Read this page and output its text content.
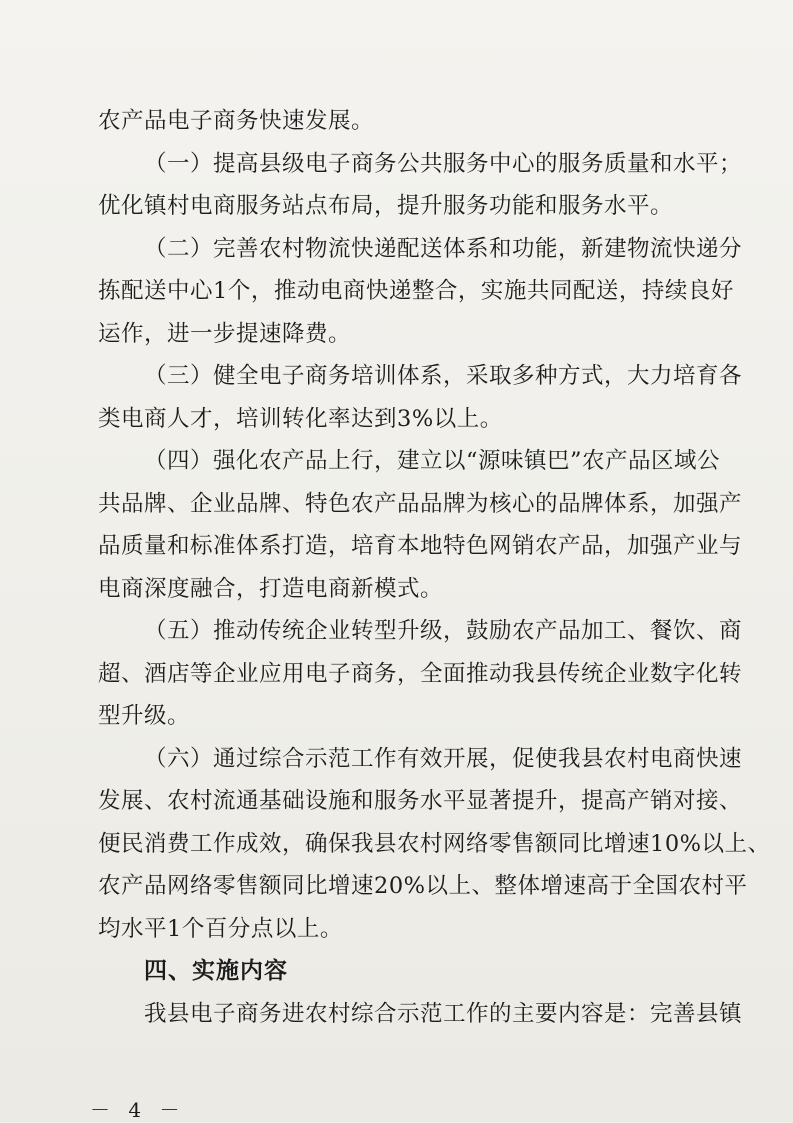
农产品电子商务快速发展。
（一）提高县级电子商务公共服务中心的服务质量和水平；
优化镇村电商服务站点布局，提升服务功能和服务水平。
（二）完善农村物流快递配送体系和功能，新建物流快递分
拣配送中心1个，推动电商快递整合，实施共同配送，持续良好
运作，进一步提速降费。
（三）健全电子商务培训体系，采取多种方式，大力培育各
类电商人才，培训转化率达到3%以上。
（四）强化农产品上行，建立以“源味镇巴”农产品区域公
共品牌、企业品牌、特色农产品品牌为核心的品牌体系，加强产
品质量和标准体系打造，培育本地特色网销农产品，加强产业与
电商深度融合，打造电商新模式。
（五）推动传统企业转型升级，鼓励农产品加工、餐饮、商
超、酒店等企业应用电子商务，全面推动我县传统企业数字化转
型升级。
（六）通过综合示范工作有效开展，促使我县农村电商快速
发展、农村流通基础设施和服务水平显著提升，提高产销对接、
便民消费工作成效，确保我县农村网络零售额同比增速10%以上、
农产品网络零售额同比增速20%以上、整体增速高于全国农村平
均水平1个百分点以上。
四、实施内容
我县电子商务进农村综合示范工作的主要内容是：完善县镇
－ 4 －
